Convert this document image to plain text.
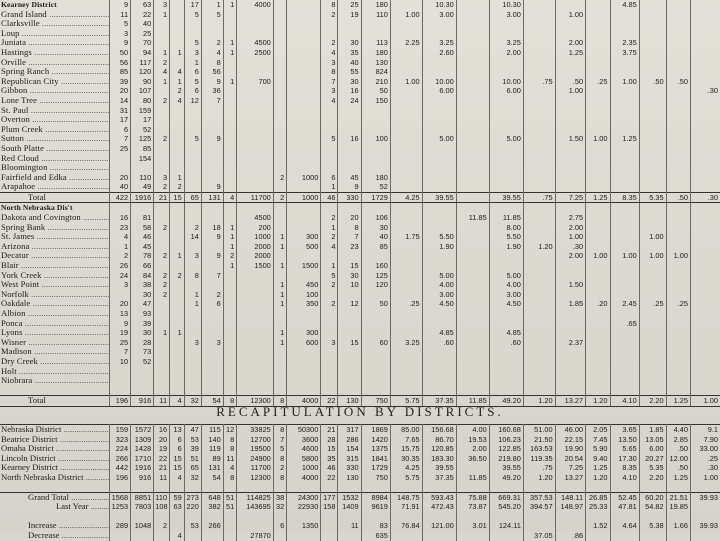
Kearney District	9	63	3		17	1	1	4000			8	25	180		10.30		10.30				4.85			
Grand Island .....	11	22	1		5	5					2	19	110	1.00	3.00		3.00		1.00					
Clarksville .....	5	40																						
Loup .....	3	25																						
Juniata .....	9	70			5	2	1	4500			2	30	113	2.25	3.25		3.25		2.00		2.35			
Hastings .....	50	94	1	1	3	4	1	2500			4	35	180		2.60		2.00		1.25		3.75			
Orville .....	56	117	2		1	8					3	40	130											
Spring Ranch .....	85	120	4	4	6	56					8	55	824											
Republican City .....	39	90	1	1	5	9	1	700			7	30	210	1.00	10.00		10.00	.75	.50	.25	1.00	.50	.50	
Gibbon .....	20	107		2	6	36					3	16	50		6.00		6.00		1.00					.30
Lone Tree .....	14	80	2	4	12	7					4	24	150											
St. Paul .....	31	159																						
Overton .....	17	17																						
Plum Creek .....	6	52																						
Sutton .....	7	125	2		5	9					5	16	100		5.00		5.00		1.50	1.00	1.25			
South Platte .....	25	85																						
Red Cloud .....		154																						
Bloomington .....																								
Fairfield and Edka .....	20	110	3	1					2	1000	6	45	180											
Arapahoe .....	40	49	2	2		9					1	9	52											
Total	422	1916	21	15	65	131	4	11700	2	1000	46	330	1729	4.25	39.55		39.55	.75	7.25	1.25	8.35	5.35	.50	.30
North Nebraska Dis't																								
Dakota and Covington .....	16	81						4500			2	20	106			11.85	11.85		2.75					
Spring Bank .....	23	58	2		2	18	1	200			1	8	30				8.00		2.00					
St. James .....	4	46			14	9	1	1000	1	300	2	7	40	1.75	5.50		5.50		1.00			1.00		
Arizona .....	1	45					1	2000	1	500	4	23	85		1.90		1.90	1.20	.30					
Decatur .....	2	78	2	1	3	9	2	2000											2.00	1.00	1.00	1.00	1.00	
Blair .....	26	66					1	1500	1	1500	1	15	160											
York Creek .....	24	84	2	2	8	7					5	30	125		5.00		5.00							
West Point .....	3	38	2						1	450	2	10	120		4.00		4.00		1.50					
Norfolk .....		30	2		1	2			1	100					3.00		3.00							
Oakdale .....	20	47			1	6			1	350	2	12	50	.25	4.50		4.50		1.85	.20	2.45	.25	.25	
Albion .....	13	93																						
Ponca .....	9	39																			.65			
Lyons .....	19	30	1	1					1	300					4.85		4.85							
Wisner .....	25	28			3	3			1	600	3	15	60	3.25	.60		.60		2.37					
Madison .....	7	73																						
Dry Creek .....	10	52																						
Holt .....																								
Niobrara .....																								

Total	196	916	11	4	32	54	8	12300	8	4000	22	130	750	5.75	37.35	11.85	49.20	1.20	13.27	1.20	4.10	2.20	1.25	1.00
RECAPITULATION BY DISTRICTS.
Nebraska District .....	159	1572	16	13	47	115	12	33825	8	50300	21	317	1869	85.00	156.68	4.00	160.68	51.00	46.00	2.05	3.65	1.85	4.40	9.1
Beatrice District .....	323	1309	20	6	53	140	8	12700	7	3600	28	286	1420	7.65	86.70	19.53	106.23	21.50	22.15	7.45	13.50	13.05	2.85	7.90
Omaha District .....	224	1428	19	6	39	119	8	19500	5	4600	15	154	1375	15.75	120.85	2.00	122.85	163.53	19.90	5.90	5.65	6.00	.50	33.00
Lincoln District .....	266	1710	22	15	51	89	11	24900	8	5800	35	315	1841	30.35	183.30	36.50	219.80	119.35	20.54	9.40	17.30	20.27	12.00	.25
Kearney District .....	442	1916	21	15	65	131	4	11700	2	1000	46	330	1729	4.25	39.55		39.55	.75	7.25	1.25	8.35	5.35	.50	.30
North Nebraska District .....	196	916	11	4	32	54	8	12300	8	4000	22	130	750	5.75	37.35	11.85	49.20	1.20	13.27	1.20	4.10	2.20	1.25	1.00

Grand Total .....	1568	8851	110	59	273	648	51	114825	38	24300	177	1532	8984	148.75	593.43	75.88	669.31	357.53	148.11	26.85	52.45	60.20	21.51	39.93
Last Year .....	1253	7803	108	63	220	382	51	143695	32	22930	158	1409	9619	71.91	472.43	73.87	545.20	394.57	148.97	25.33	47.81	54.82	19.85	

Increase .....	289	1048	2		53	266			6	1350		11	83	76.84	121.00	3.01	124.11			1.52	4.64	5.38	1.66	39.93
Decrease .....				4				27870					635					37.05	.86					
